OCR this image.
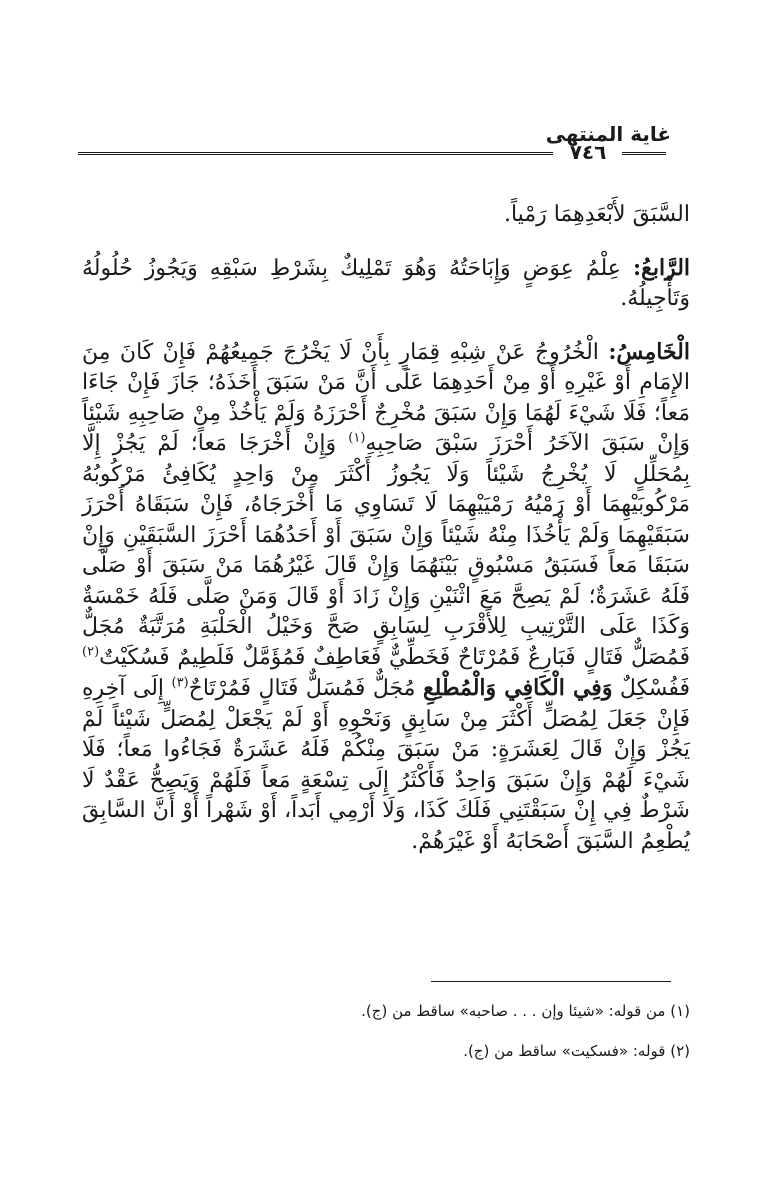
غاية المنتهى
٧٤٦

السَّبَقَ لأَبْعَدِهِمَا رَمْياً.

الرَّابعُ: عِلْمُ عِوَضٍ وَإِبَاحَتُهُ وَهُوَ تَمْلِيكٌ بِشَرْطِ سَبْقِهِ وَيَجُوزُ حُلُولُهُ وَتَأْجِيلُهُ.

الْخَامِسُ: الْخُرُوجُ عَنْ شِبْهِ قِمَارٍ بِأَنْ لَا يَخْرُجَ جَمِيعُهُمْ فَإِنْ كَانَ مِنَ الإِمَامِ أَوْ غَيْرِهِ أَوْ مِنْ أَحَدِهِمَا عَلَى أَنَّ مَنْ سَبَقَ أَخَذَهُ؛ جَازَ فَإِنْ جَاءَا مَعاً؛ فَلَا شَيْءَ لَهُمَا وَإِنْ سَبَقَ مُخْرِجٌ أَحْرَزَهُ وَلَمْ يَأْخُذْ مِنْ صَاحِبِهِ شَيْئاً وَإِنْ سَبَقَ الآخَرُ أَحْرَزَ سَبْقَ صَاحِبِهِ$^{(١)}$ وَإِنْ أَخْرَجَا مَعاً؛ لَمْ يَجُزْ إِلَّا بِمُحَلِّلٍ لَا يُخْرِجُ شَيْئاً وَلَا يَجُوزُ أَكْثَرَ مِنْ وَاحِدٍ يُكَافِئُ مَرْكُوبُهُ مَرْكُوبَيْهِمَا أَوْ رَمْيُهُ رَمْيَيْهِمَا لَا تَسَاوِي مَا أَخْرَجَاهُ، فَإِنْ سَبَقَاهُ أَحْرَزَ سَبَقَيْهِمَا وَلَمْ يَأْخُذَا مِنْهُ شَيْئاً وَإِنْ سَبَقَ أَوْ أَحَدُهُمَا أَحْرَزَ السَّبَقَيْنِ وَإِنْ سَبَقَا مَعاً فَسَبَقُ مَسْبُوقٍ بَيْنَهُمَا وَإِنْ قَالَ غَيْرُهُمَا مَنْ سَبَقَ أَوْ صَلَّى فَلَهُ عَشَرَةٌ؛ لَمْ يَصِحَّ مَعَ اثْنَيْنِ وَإِنْ زَادَ أَوْ قَالَ وَمَنْ صَلَّى فَلَهُ خَمْسَةٌ وَكَذَا عَلَى التَّرْتِيبِ لِلأَقْرَبِ لِسَابِقٍ صَحَّ وَخَيْلُ الْحَلْبَةِ مُرَتَّبَةٌ مُجَلٌّ فَمُصَلٌّ فَتَالٍ فَبَارِعٌ فَمُرْتَاحٌ فَخَطِّيٌّ فَعَاطِفٌ فَمُؤَمَّلٌ فَلَطِيمٌ فَسُكَيْتٌ$^{(٢)}$ فَفُسْكِلٌ وَفِي الْكَافِي وَالْمُطْلِعِ مُجَلٌّ فَمُسَلٌّ فَتَالٍ فَمُرْتَاحٌ$^{(٣)}$ إِلَى آخِرِهِ فَإِنْ جَعَلَ لِمُصَلٍّ أَكْثَرَ مِنْ سَابِقٍ وَنَحْوِهِ أَوْ لَمْ يَجْعَلْ لِمُصَلٍّ شَيْئاً لَمْ يَجُزْ وَإِنْ قَالَ لِعَشَرَةٍ: مَنْ سَبَقَ مِنْكُمْ فَلَهُ عَشَرَةٌ فَجَاءُوا مَعاً؛ فَلَا شَيْءَ لَهُمْ وَإِنْ سَبَقَ وَاحِدٌ فَأَكْثَرُ إِلَى تِسْعَةٍ مَعاً فَلَهُمْ وَيَصِحُّ عَقْدٌ لَا شَرْطٌ فِي إِنْ سَبَقْتَنِي فَلَكَ كَذَا، وَلَا أَرْمِي أَبَداً، أَوْ شَهْراً أَوْ أَنَّ السَّابِقَ يُطْعِمُ السَّبَقَ أَصْحَابَهُ أَوْ غَيْرَهُمْ.

(١) من قوله: «شيئا وإن . . . صاحبه» ساقط من (ج).

(٢) قوله: «فسكيت» ساقط من (ج).
